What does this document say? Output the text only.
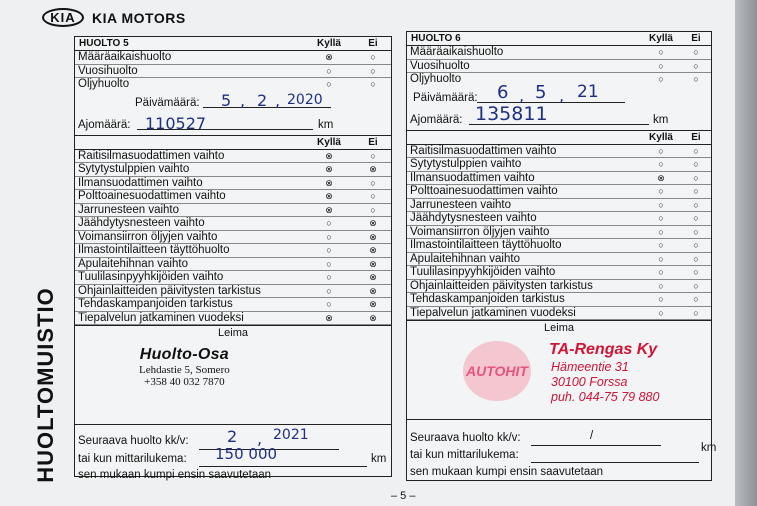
KIA	KIA MOTORS
HUOLTOMUISTIO
HUOLTO 5	Kyllä	Ei
Määräaikaishuolto	⊗	○
Vuosihuolto	○	○
Öljyhuolto	○	○
Päivämäärä: 5 , 2 , 2020
Ajomäärä: 110527	km
Kyllä	Ei
Raitisilmasuodattimen vaihto	⊗	○
Sytytystulppien vaihto	⊗	⊗
Ilmansuodattimen vaihto	⊗	○
Polttoainesuodattimen vaihto	⊗	○
Jarrunesteen vaihto	⊗	○
Jäähdytysnesteen vaihto	○	⊗
Voimansiirron öljyjen vaihto	○	⊗
Ilmastointilaitteen täyttöhuolto	○	⊗
Apulaitehihnan vaihto	○	⊗
Tuulilasinpyyhkijöiden vaihto	○	⊗
Ohjainlaitteiden päivitysten tarkistus	○	⊗
Tehdaskampanjoiden tarkistus	○	⊗
Tiepalvelun jatkaminen vuodeksi	⊗	⊗
Leima
Huolto-Osa
Lehdastie 5, Somero
+358 40 032 7870
Seuraava huolto kk/v: 2 , 2021
tai kun mittarilukema: 150 000	km
sen mukaan kumpi ensin saavutetaan
HUOLTO 6	Kyllä	Ei
Määräaikaishuolto	○	○
Vuosihuolto	○	○
Öljyhuolto	○	○
Päivämäärä: 6 , 5 , 21
Ajomäärä: 135811	km
Kyllä	Ei
Raitisilmasuodattimen vaihto	○	○
Sytytystulppien vaihto	○	○
Ilmansuodattimen vaihto	⊗	○
Polttoainesuodattimen vaihto	○	○
Jarrunesteen vaihto	○	○
Jäähdytysnesteen vaihto	○	○
Voimansiirron öljyjen vaihto	○	○
Ilmastointilaitteen täyttöhuolto	○	○
Apulaitehihnan vaihto	○	○
Tuulilasinpyyhkijöiden vaihto	○	○
Ohjainlaitteiden päivitysten tarkistus	○	○
Tehdaskampanjoiden tarkistus	○	○
Tiepalvelun jatkaminen vuodeksi	○	○
Leima
AUTOHIT
TA-Rengas Ky
Hämeentie 31
30100 Forssa
puh. 044-75 79 880
Seuraava huolto kk/v:	/
tai kun mittarilukema:
km
sen mukaan kumpi ensin saavutetaan
– 5 –
